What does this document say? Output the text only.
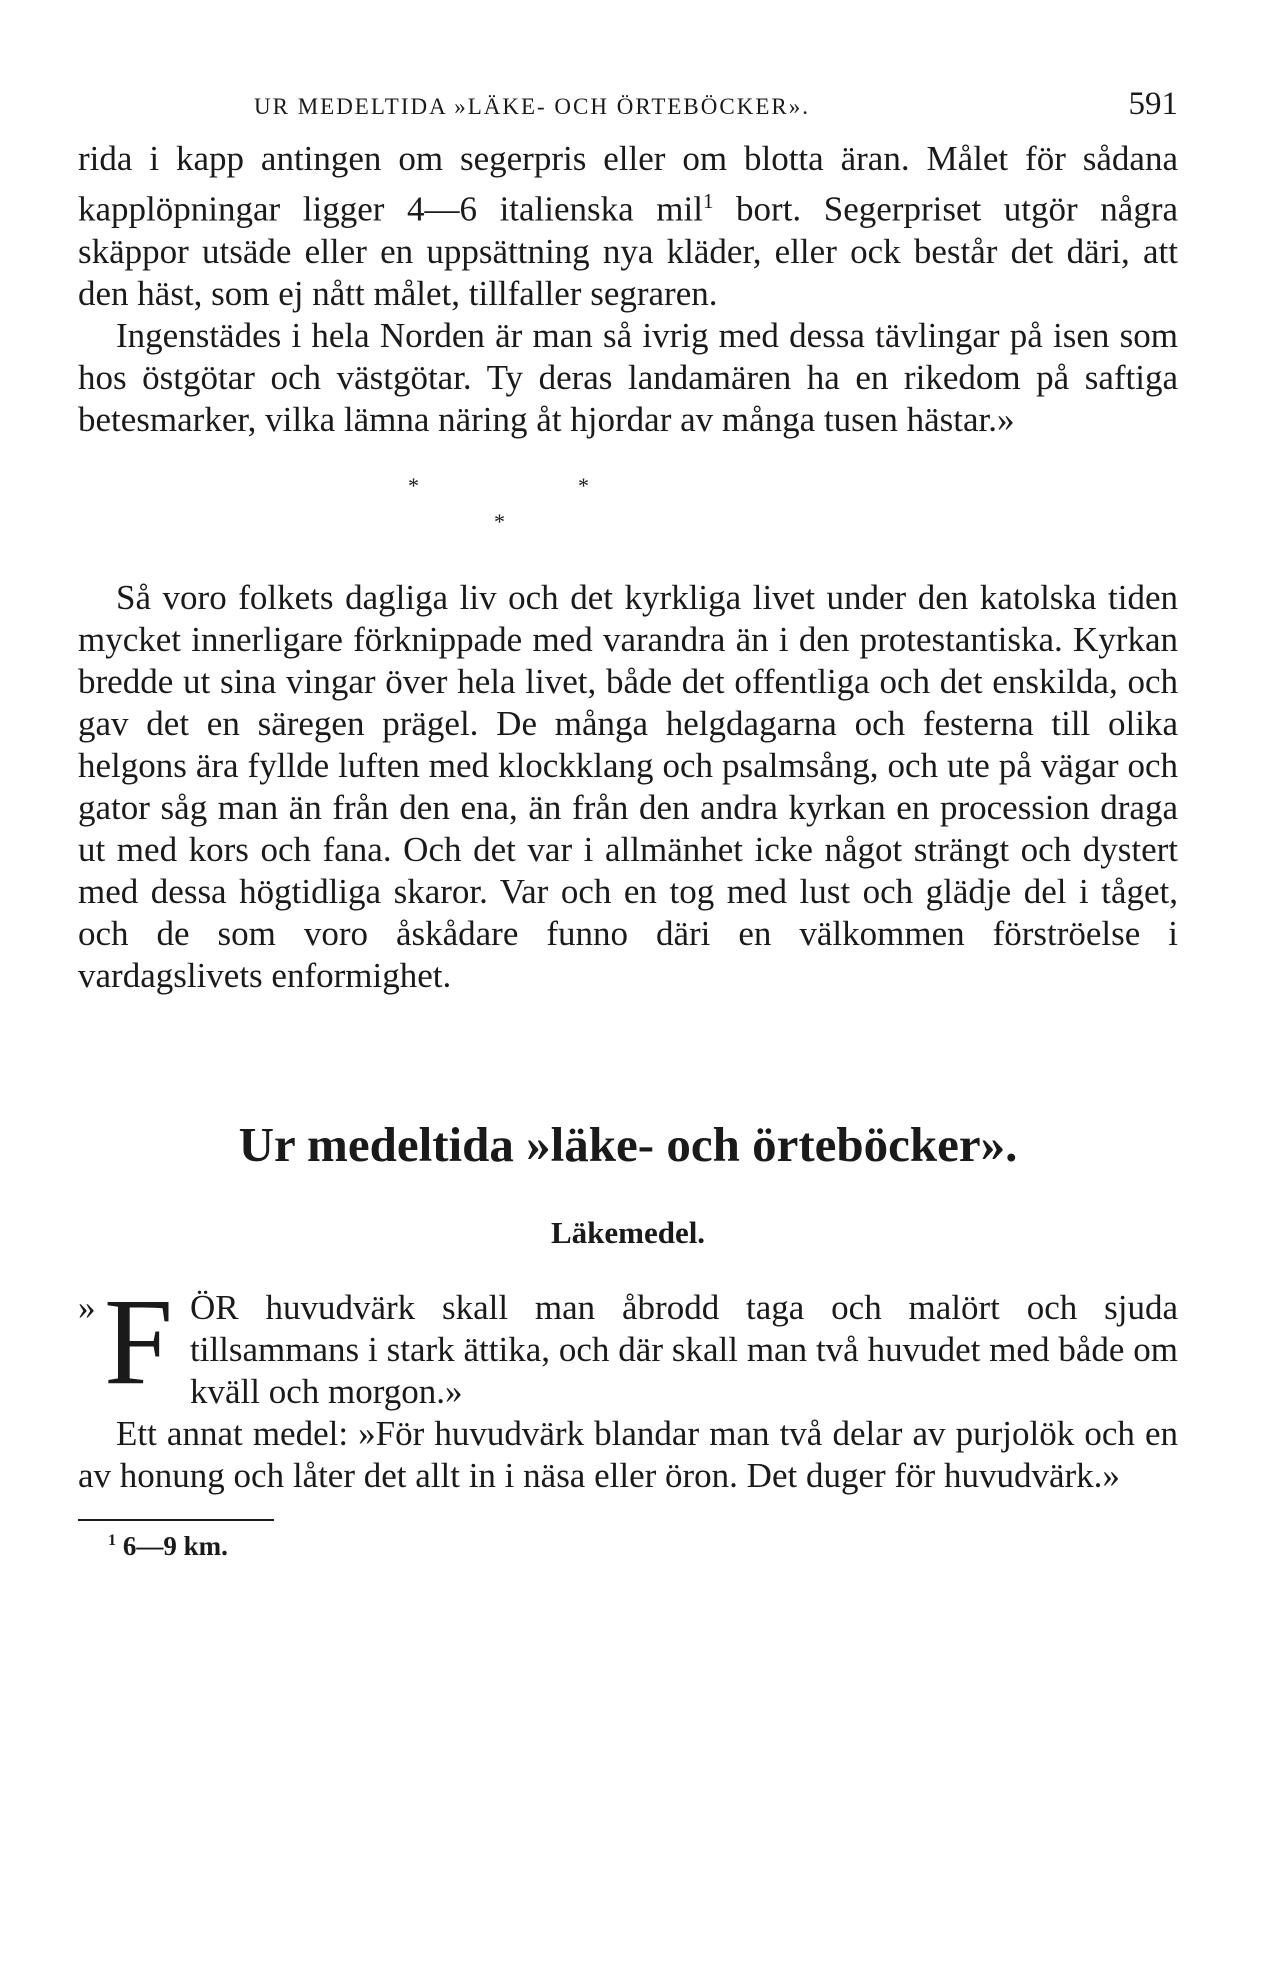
UR MEDELTIDA »LÄKE- OCH ÖRTEBÖCKER».	591

rida i kapp antingen om segerpris eller om blotta äran. Målet för sådana kapplöpningar ligger 4—6 italienska mil$^1$ bort. Segerpriset utgör några skäppor utsäde eller en uppsättning nya kläder, eller ock består det däri, att den häst, som ej nått målet, tillfaller segraren.

Ingenstädes i hela Norden är man så ivrig med dessa tävlingar på isen som hos östgötar och västgötar. Ty deras landamären ha en rikedom på saftiga betesmarker, vilka lämna näring åt hjordar av många tusen hästar.»

*	*
*

Så voro folkets dagliga liv och det kyrkliga livet under den katolska tiden mycket innerligare förknippade med varandra än i den protestantiska. Kyrkan bredde ut sina vingar över hela livet, både det offentliga och det enskilda, och gav det en säregen prägel. De många helgdagarna och festerna till olika helgons ära fyllde luften med klockklang och psalmsång, och ute på vägar och gator såg man än från den ena, än från den andra kyrkan en procession draga ut med kors och fana. Och det var i allmänhet icke något strängt och dystert med dessa högtidliga skaror. Var och en tog med lust och glädje del i tåget, och de som voro åskådare funno däri en välkommen förströelse i vardagslivets enformighet.

Ur medeltida »läke- och örteböcker».
Läkemedel.
» F ÖR huvudvärk skall man åbrodd taga och malört och sjuda tillsammans i stark ättika, och där skall man två huvudet med både om kväll och morgon.»

Ett annat medel: »För huvudvärk blandar man två delar av purjolök och en av honung och låter det allt in i näsa eller öron. Det duger för huvudvärk.»

$^1$ 6—9 km.
